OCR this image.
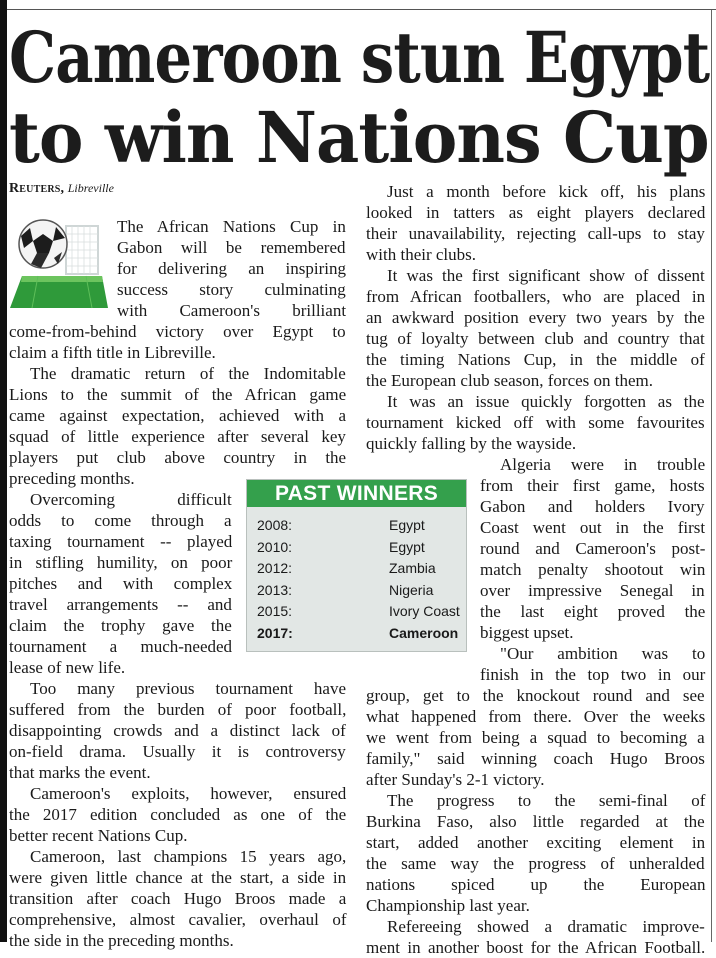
Cameroon stun Egypt
to win Nations Cup
Reuters, Libreville
The African Nations Cup in
Gabon will be remembered
for delivering an inspiring
success story culminating
with Cameroon's brilliant
come-from-behind victory over Egypt to
claim a fifth title in Libreville.
The dramatic return of the Indomitable
Lions to the summit of the African game
came against expectation, achieved with a
squad of little experience after several key
players put club above country in the
preceding months.
Overcoming difficult
odds to come through a
taxing tournament -- played
in stifling humility, on poor
pitches and with complex
travel arrangements -- and
claim the trophy gave the
tournament a much-needed
lease of new life.
Too many previous tournament have
suffered from the burden of poor football,
disappointing crowds and a distinct lack of
on-field drama. Usually it is controversy
that marks the event.
Cameroon's exploits, however, ensured
the 2017 edition concluded as one of the
better recent Nations Cup.
Cameroon, last champions 15 years ago,
were given little chance at the start, a side in
transition after coach Hugo Broos made a
comprehensive, almost cavalier, overhaul of
the side in the preceding months.
Just a month before kick off, his plans
looked in tatters as eight players declared
their unavailability, rejecting call-ups to stay
with their clubs.
It was the first significant show of dissent
from African footballers, who are placed in
an awkward position every two years by the
tug of loyalty between club and country that
the timing Nations Cup, in the middle of
the European club season, forces on them.
It was an issue quickly forgotten as the
tournament kicked off with some favourites
quickly falling by the wayside.
Algeria were in trouble
from their first game, hosts
Gabon and holders Ivory
Coast went out in the first
round and Cameroon's post-
match penalty shootout win
over impressive Senegal in
the last eight proved the
biggest upset.
"Our ambition was to
finish in the top two in our
group, get to the knockout round and see
what happened from there. Over the weeks
we went from being a squad to becoming a
family," said winning coach Hugo Broos
after Sunday's 2-1 victory.
The progress to the semi-final of
Burkina Faso, also little regarded at the
start, added another exciting element in
the same way the progress of unheralded
nations spiced up the European
Championship last year.
Refereeing showed a dramatic improve-
ment in another boost for the African Football.
PAST WINNERS
2008:	Egypt
2010:	Egypt
2012:	Zambia
2013:	Nigeria
2015:	Ivory Coast
2017:	Cameroon
